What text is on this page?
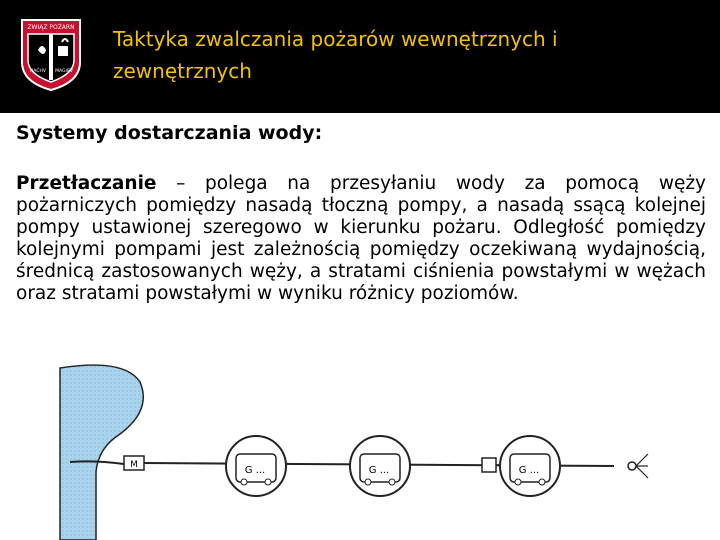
ZWIĄZ POŻARN
NAĆHV MAGIRV
Taktyka zwalczania pożarów wewnętrznych i zewnętrznych
Systemy dostarczania wody:
Przetłaczanie – polega na przesyłaniu wody za pomocą węży pożarniczych pomiędzy nasadą tłoczną pompy, a nasadą ssącą kolejnej pompy ustawionej szeregowo w kierunku pożaru. Odległość pomiędzy kolejnymi pompami jest zależnością pomiędzy oczekiwaną wydajnością, średnicą zastosowanych węży, a stratami ciśnienia powstałymi w wężach oraz stratami powstałymi w wyniku różnicy poziomów.
M	G ...	G ...	G ...
